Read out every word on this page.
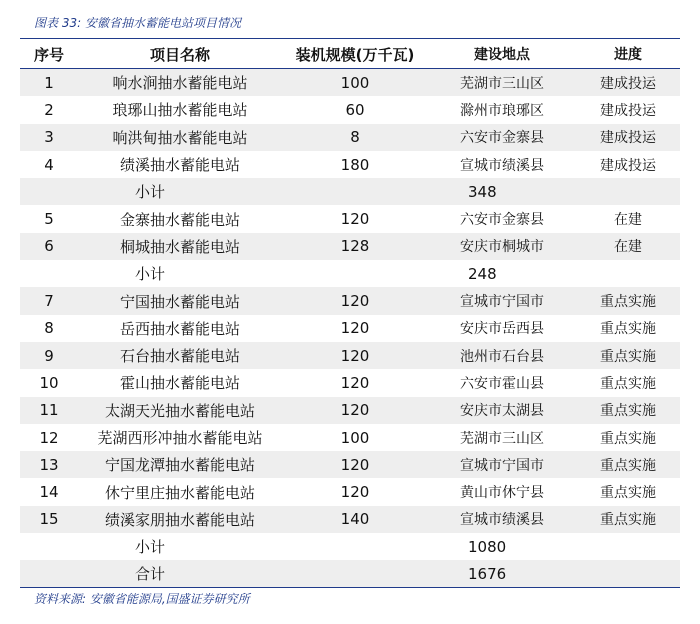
图表 33: 安徽省抽水蓄能电站项目情况
序号	项目名称	装机规模(万千瓦)	建设地点	进度
1	响水涧抽水蓄能电站	100	芜湖市三山区	建成投运
2	琅琊山抽水蓄能电站	60	滁州市琅琊区	建成投运
3	响洪甸抽水蓄能电站	8	六安市金寨县	建成投运
4	绩溪抽水蓄能电站	180	宣城市绩溪县	建成投运
小计	348
5	金寨抽水蓄能电站	120	六安市金寨县	在建
6	桐城抽水蓄能电站	128	安庆市桐城市	在建
小计	248
7	宁国抽水蓄能电站	120	宣城市宁国市	重点实施
8	岳西抽水蓄能电站	120	安庆市岳西县	重点实施
9	石台抽水蓄能电站	120	池州市石台县	重点实施
10	霍山抽水蓄能电站	120	六安市霍山县	重点实施
11	太湖天光抽水蓄能电站	120	安庆市太湖县	重点实施
12	芜湖西形冲抽水蓄能电站	100	芜湖市三山区	重点实施
13	宁国龙潭抽水蓄能电站	120	宣城市宁国市	重点实施
14	休宁里庄抽水蓄能电站	120	黄山市休宁县	重点实施
15	绩溪家朋抽水蓄能电站	140	宣城市绩溪县	重点实施
小计	1080
合计	1676
资料来源: 安徽省能源局,国盛证券研究所
